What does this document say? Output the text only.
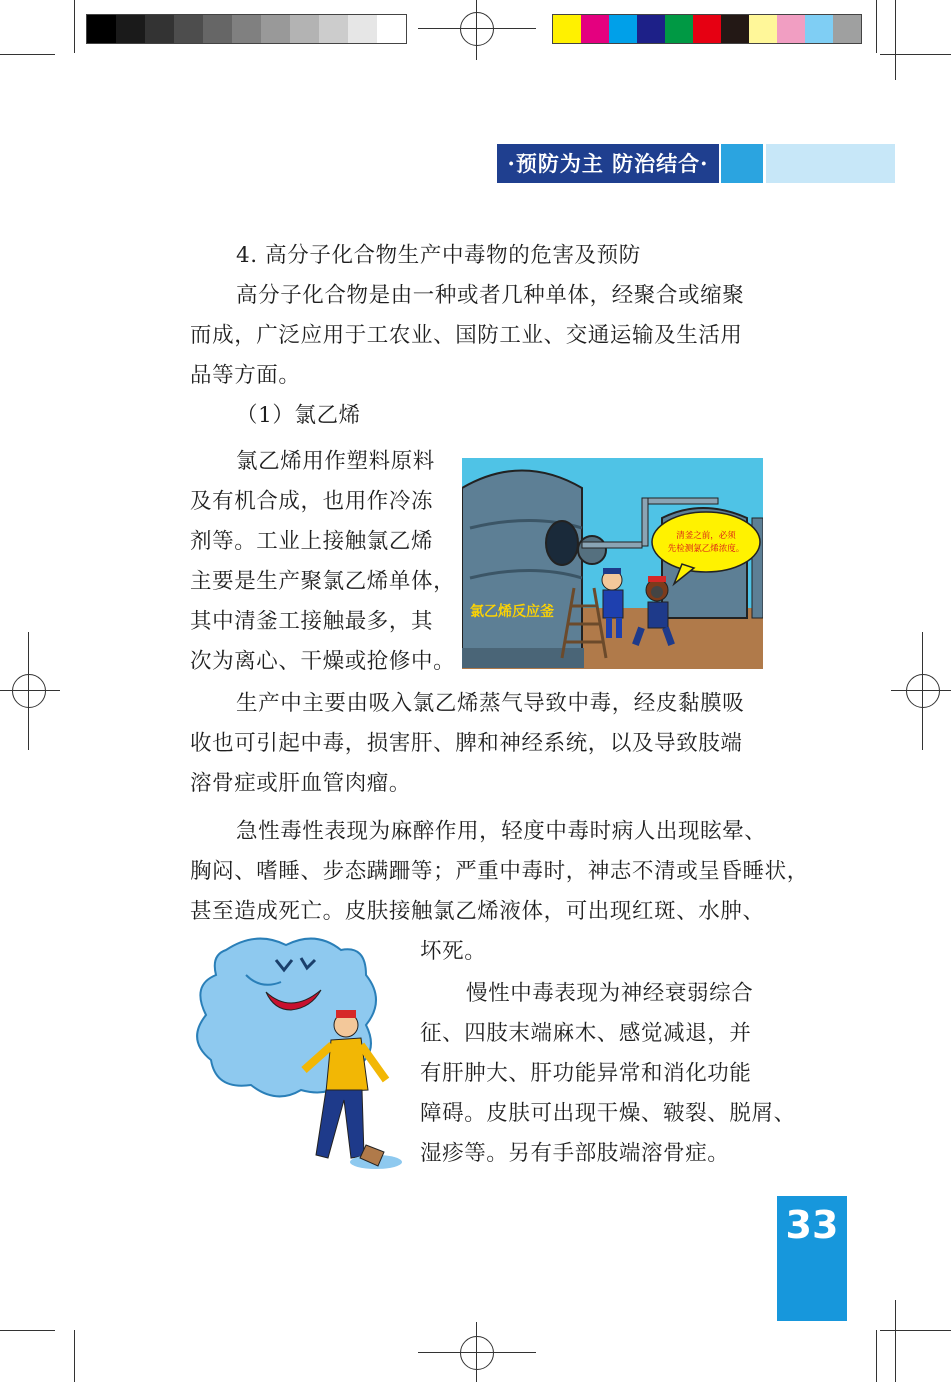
·预防为主 防治结合·
4. 高分子化合物生产中毒物的危害及预防
高分子化合物是由一种或者几种单体，经聚合或缩聚
而成，广泛应用于工农业、国防工业、交通运输及生活用
品等方面。
（1）氯乙烯
氯乙烯用作塑料原料
及有机合成，也用作冷冻
剂等。工业上接触氯乙烯
主要是生产聚氯乙烯单体，
其中清釜工接触最多，其
次为离心、干燥或抢修中。
清釜之前，必须
先检测氯乙烯浓度。
氯乙烯反应釜
生产中主要由吸入氯乙烯蒸气导致中毒，经皮黏膜吸
收也可引起中毒，损害肝、脾和神经系统，以及导致肢端
溶骨症或肝血管肉瘤。
急性毒性表现为麻醉作用，轻度中毒时病人出现眩晕、
胸闷、嗜睡、步态蹒跚等；严重中毒时，神志不清或呈昏睡状，
甚至造成死亡。皮肤接触氯乙烯液体，可出现红斑、水肿、
坏死。
慢性中毒表现为神经衰弱综合
征、四肢末端麻木、感觉减退，并
有肝肿大、肝功能异常和消化功能
障碍。皮肤可出现干燥、皲裂、脱屑、
湿疹等。另有手部肢端溶骨症。
33
